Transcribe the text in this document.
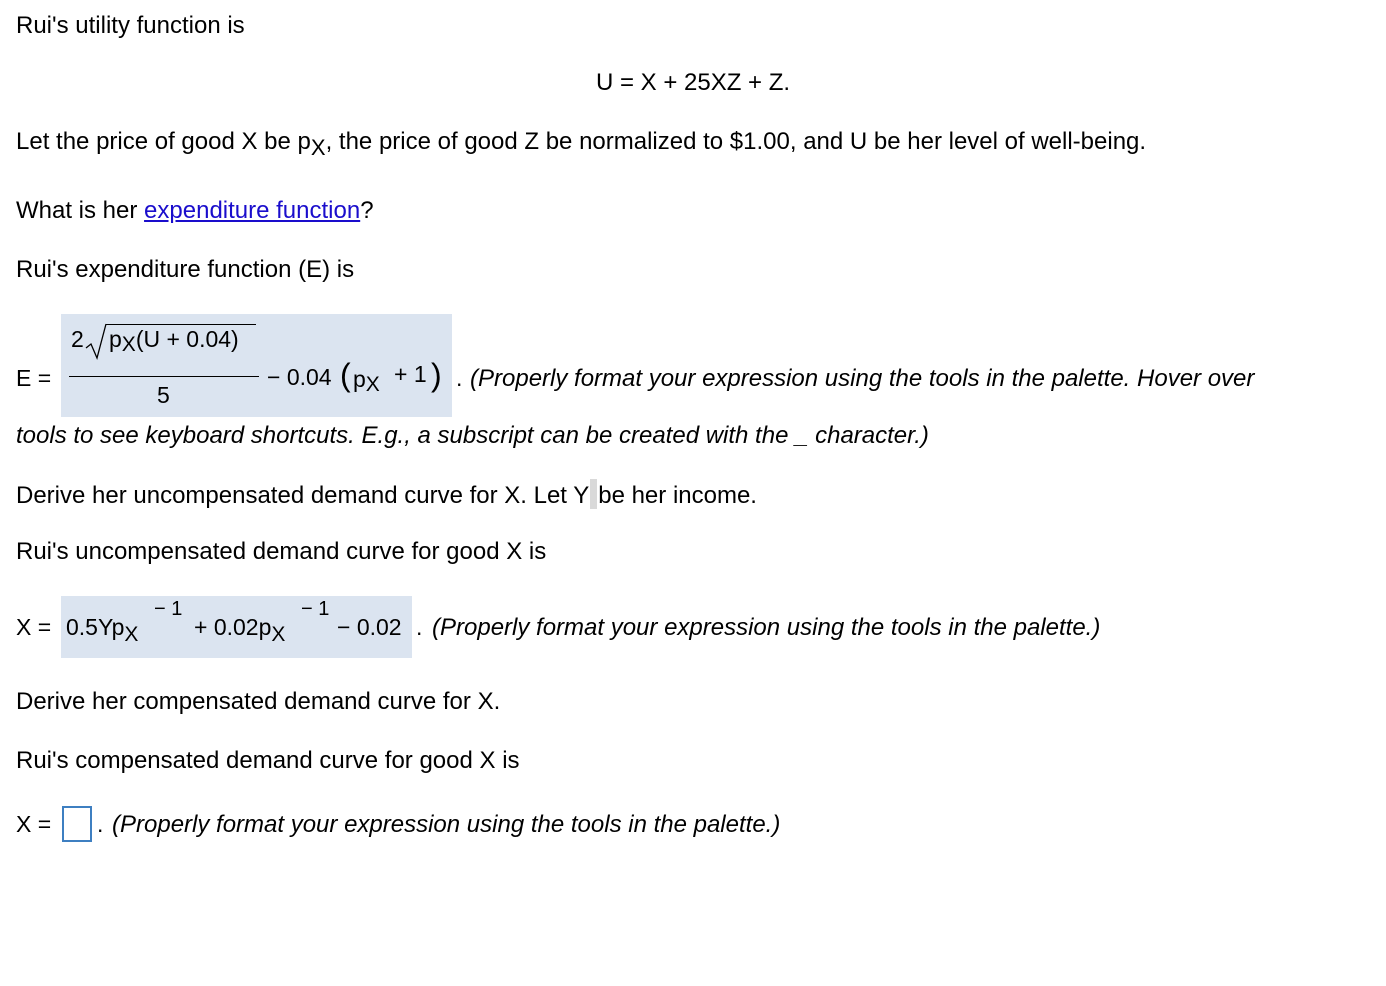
Rui's utility function is
U = X + 25XZ + Z.
Let the price of good X be pX, the price of good Z be normalized to $1.00, and U be her level of well-being.
What is her expenditure function?
Rui's expenditure function (E) is
E =
2 pX(U + 0.04)
5
− 0.04 ( pX + 1 ) . (Properly format your expression using the tools in the palette. Hover over
tools to see keyboard shortcuts. E.g., a subscript can be created with the _ character.)
Derive her uncompensated demand curve for X. Let Y be her income.
Rui's uncompensated demand curve for good X is
X = 0.5YpX
− 1
+ 0.02pX
− 1
− 0.02 . (Properly format your expression using the tools in the palette.)
Derive her compensated demand curve for X.
Rui's compensated demand curve for good X is
X = . (Properly format your expression using the tools in the palette.)
